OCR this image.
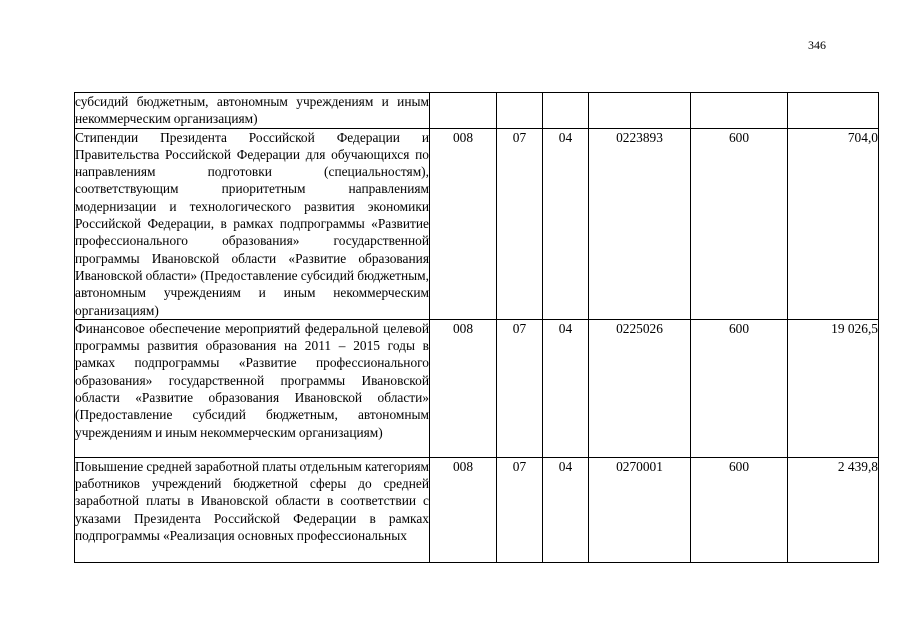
346
субсидий бюджетным, автономным учреждениям и иным некоммерческим организациям)						
Стипендии Президента Российской Федерации и Правительства Российской Федерации для обучающихся по направлениям подготовки (специальностям), соответствующим приоритетным направлениям модернизации и технологического развития экономики Российской Федерации, в рамках подпрограммы «Развитие профессионального образования» государственной программы Ивановской области «Развитие образования Ивановской области» (Предоставление субсидий бюджетным, автономным учреждениям и иным некоммерческим организациям)	008	07	04	0223893	600	704,0
Финансовое обеспечение мероприятий федеральной целевой программы развития образования на 2011 – 2015 годы в рамках подпрограммы «Развитие профессионального образования» государственной программы Ивановской области «Развитие образования Ивановской области» (Предоставление субсидий бюджетным, автономным учреждениям и иным некоммерческим организациям)	008	07	04	0225026	600	19 026,5
Повышение средней заработной платы отдельным категориям работников учреждений бюджетной сферы до средней заработной платы в Ивановской области в соответствии с указами Президента Российской Федерации в рамках подпрограммы «Реализация основных профессиональных	008	07	04	0270001	600	2 439,8
